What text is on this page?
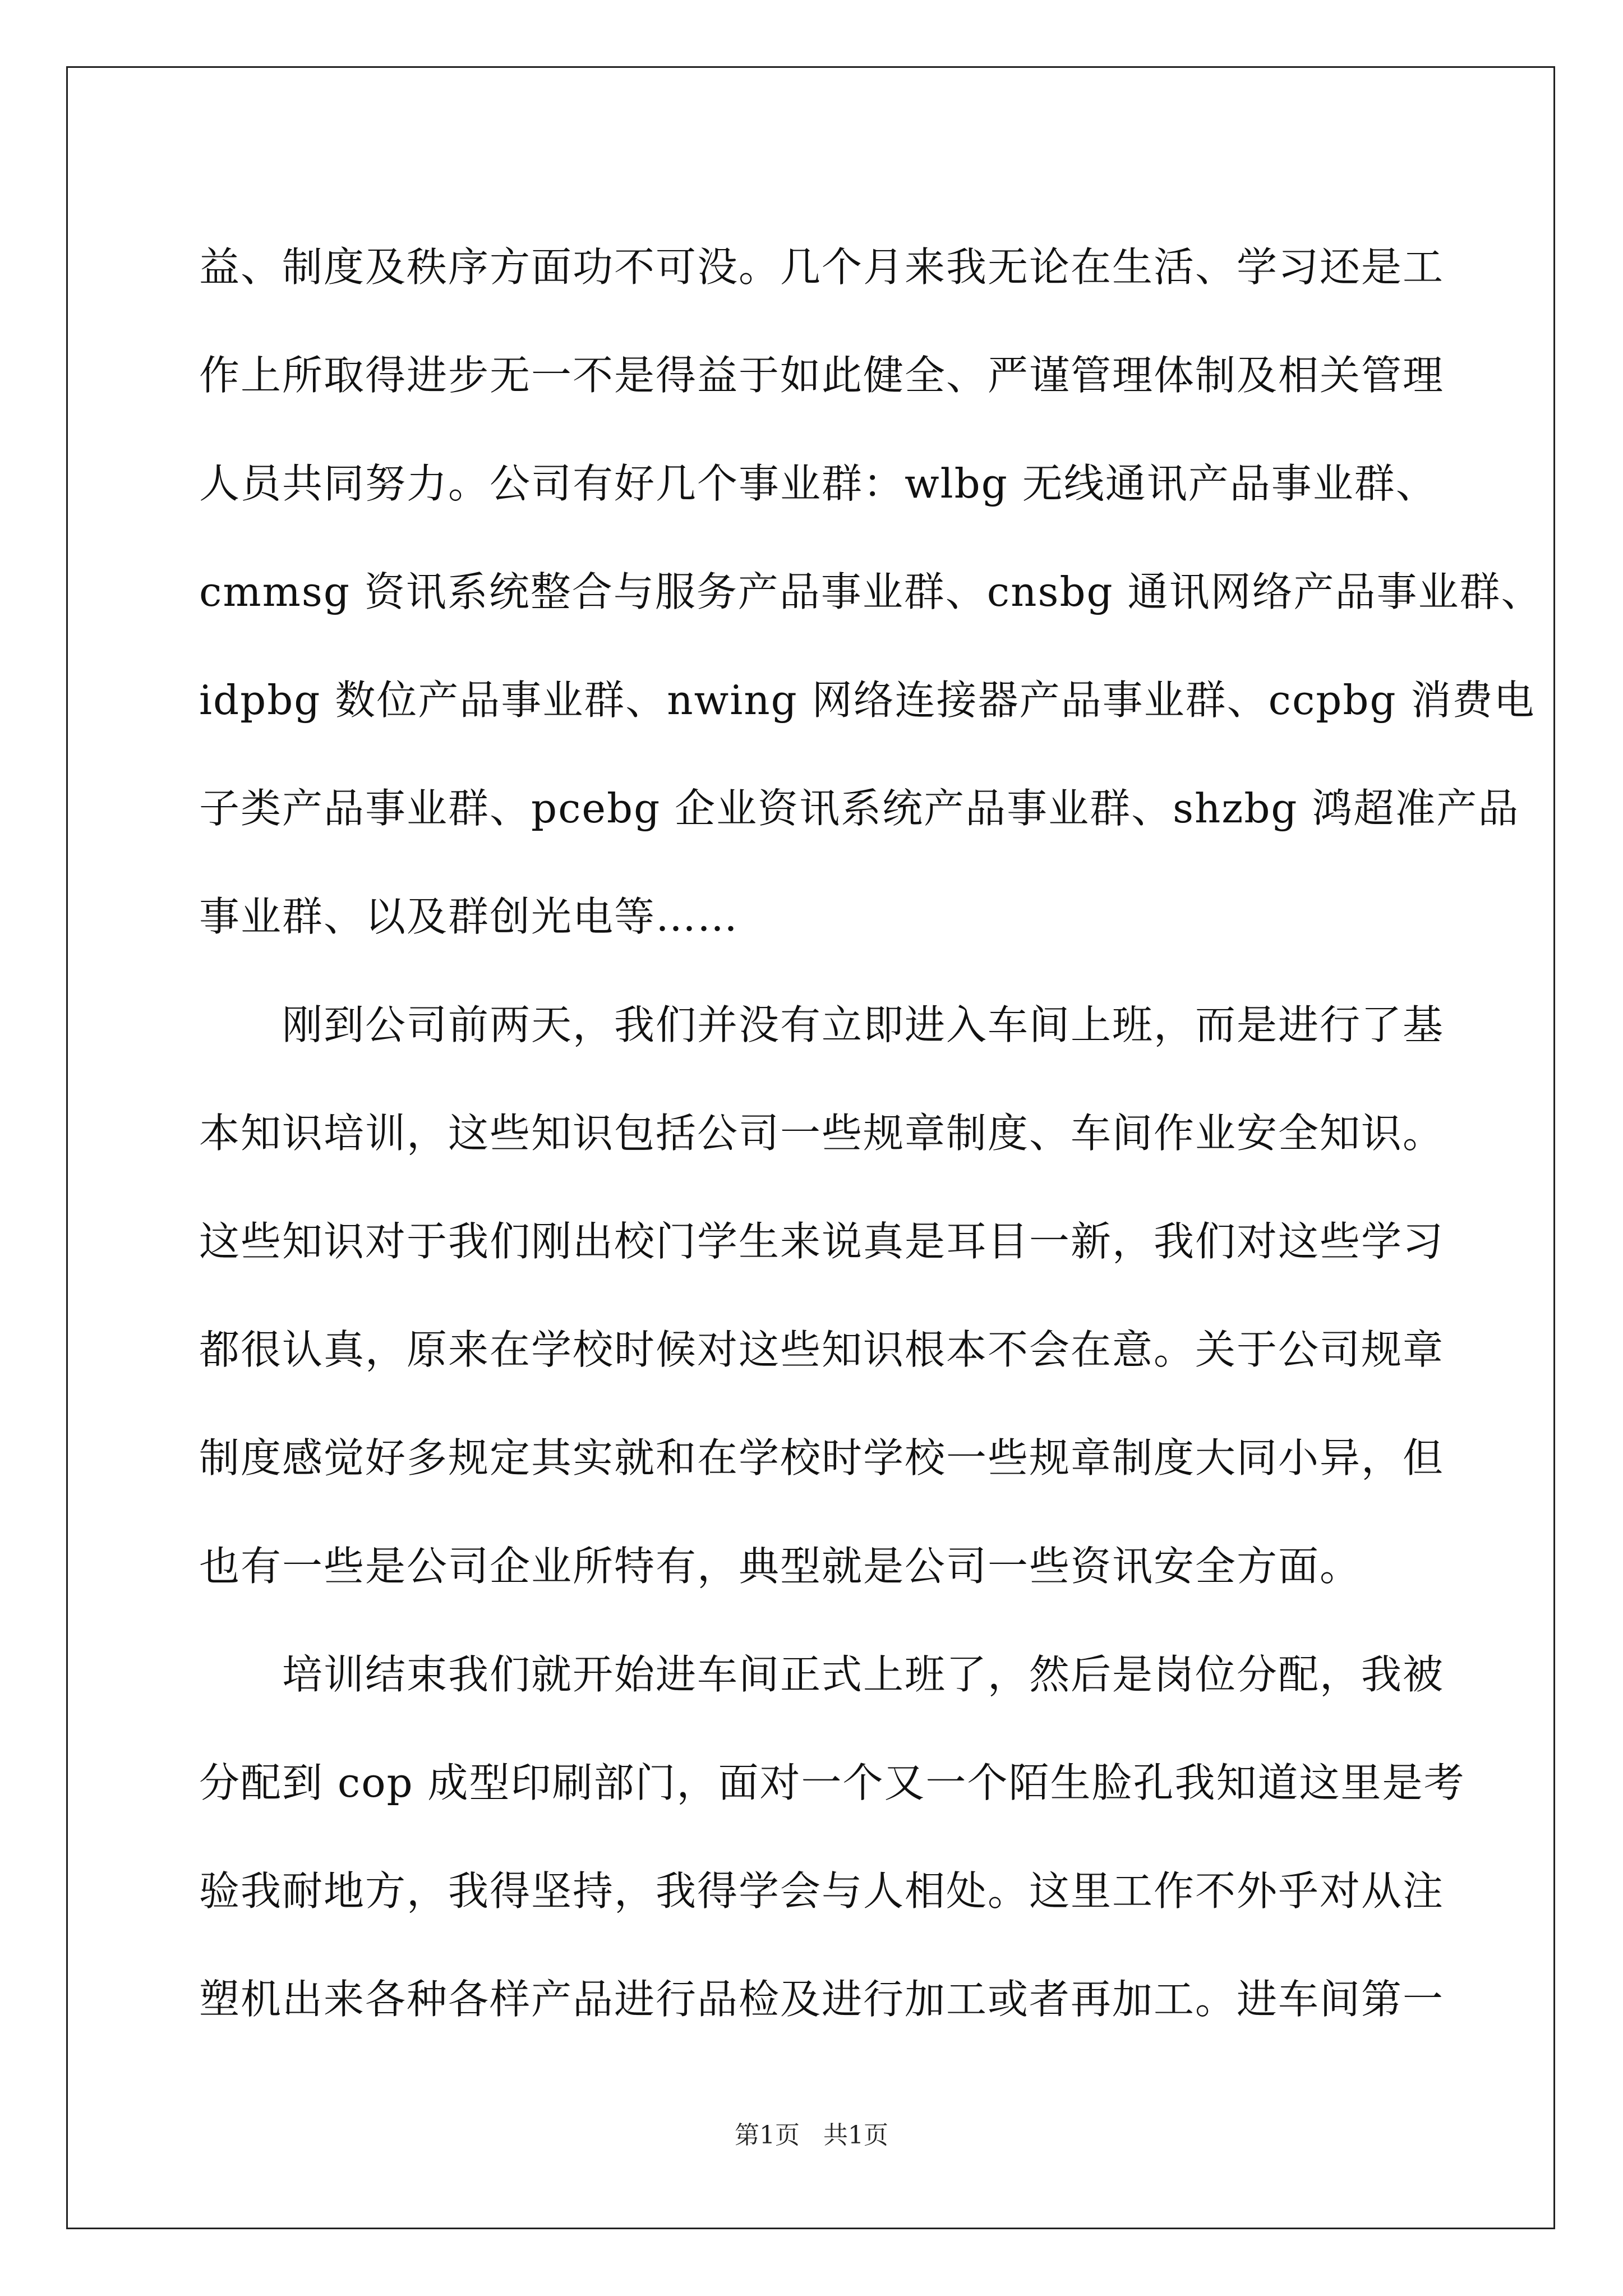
益、制度及秩序方面功不可没。几个月来我无论在生活、学习还是工
作上所取得进步无一不是得益于如此健全、严谨管理体制及相关管理
人员共同努力。公司有好几个事业群：wlbg 无线通讯产品事业群、
cmmsg 资讯系统整合与服务产品事业群、cnsbg 通讯网络产品事业群、
idpbg 数位产品事业群、nwing 网络连接器产品事业群、ccpbg 消费电
子类产品事业群、pcebg 企业资讯系统产品事业群、shzbg 鸿超准产品
事业群、以及群创光电等……
　　刚到公司前两天，我们并没有立即进入车间上班，而是进行了基
本知识培训，这些知识包括公司一些规章制度、车间作业安全知识。
这些知识对于我们刚出校门学生来说真是耳目一新，我们对这些学习
都很认真，原来在学校时候对这些知识根本不会在意。关于公司规章
制度感觉好多规定其实就和在学校时学校一些规章制度大同小异，但
也有一些是公司企业所特有，典型就是公司一些资讯安全方面。
　　培训结束我们就开始进车间正式上班了，然后是岗位分配，我被
分配到 cop 成型印刷部门，面对一个又一个陌生脸孔我知道这里是考
验我耐地方，我得坚持，我得学会与人相处。这里工作不外乎对从注
塑机出来各种各样产品进行品检及进行加工或者再加工。进车间第一
第1页   共1页
